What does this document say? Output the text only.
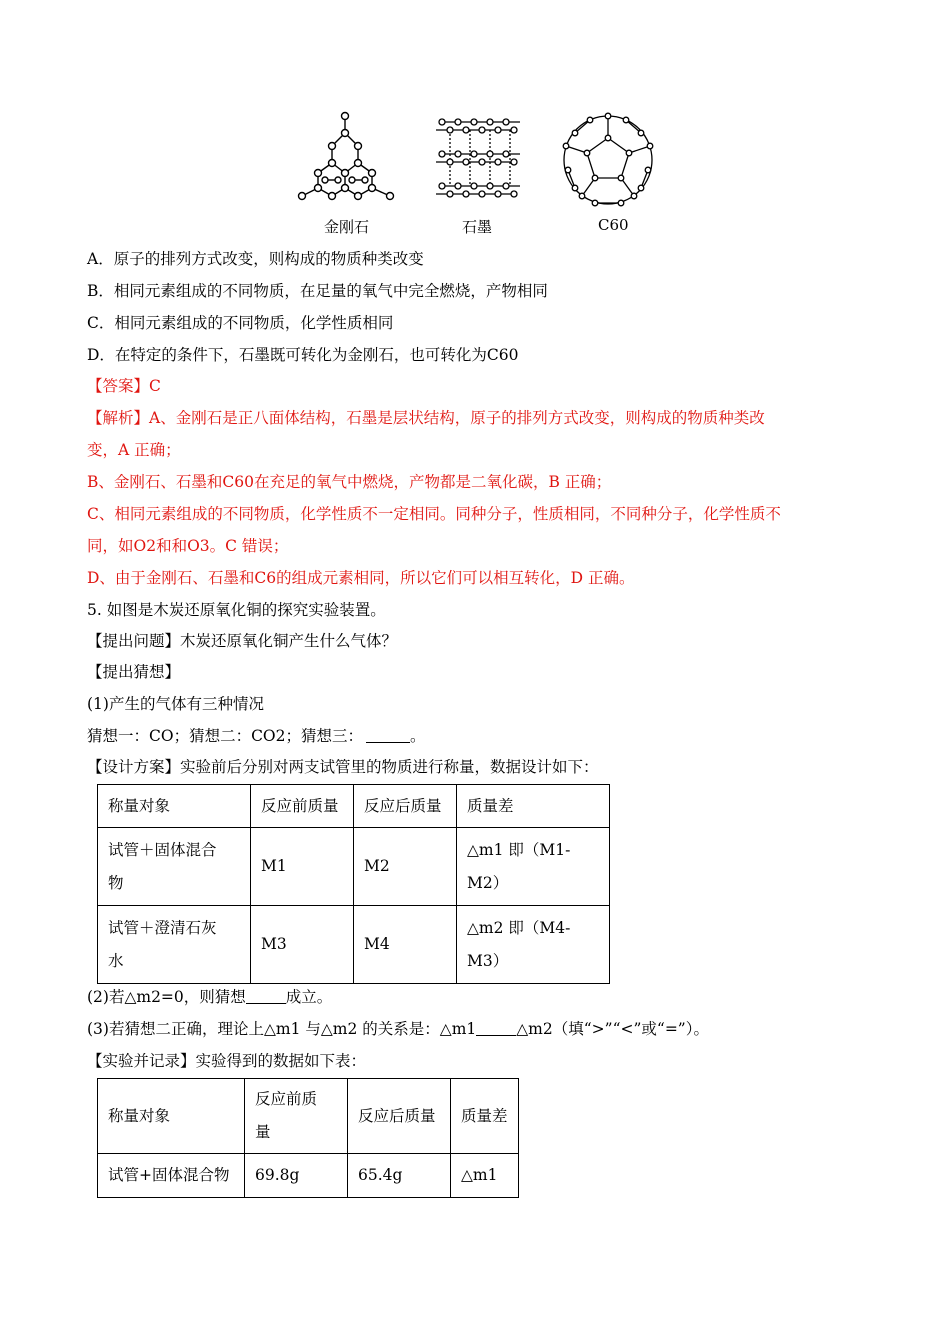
金刚石	石墨	C60
A．原子的排列方式改变，则构成的物质种类改变
B．相同元素组成的不同物质，在足量的氧气中完全燃烧，产物相同
C．相同元素组成的不同物质，化学性质相同
D．在特定的条件下，石墨既可转化为金刚石，也可转化为C60
【答案】C
【解析】A、金刚石是正八面体结构，石墨是层状结构，原子的排列方式改变，则构成的物质种类改
变，A 正确；
B、金刚石、石墨和C60在充足的氧气中燃烧，产物都是二氧化碳，B 正确；
C、相同元素组成的不同物质，化学性质不一定相同。同种分子，性质相同，不同种分子，化学性质不
同，如O2和和O3。C 错误；
D、由于金刚石、石墨和C6的组成元素相同，所以它们可以相互转化，D 正确。
5. 如图是木炭还原氧化铜的探究实验装置。
【提出问题】木炭还原氧化铜产生什么气体？
【提出猜想】
(1)产生的气体有三种情况
猜想一：CO；猜想二：CO2；猜想三：	。
【设计方案】实验前后分别对两支试管里的物质进行称量，数据设计如下：
称量对象	反应前质量	反应后质量	质量差

试管＋固体混合
物	M1	M2	△m1 即（M1-M2）

试管＋澄清石灰
水	M3	M4	△m2 即（M4-M3）
(2)若△m2=0，则猜想	成立。
(3)若猜想二正确，理论上△m1 与△m2 的关系是：△m1	△m2（填“>”“<”或“=”）。
【实验并记录】实验得到的数据如下表：
称量对象	反应前质
量	反应后质量	质量差
试管+固体混合物	69.8g	65.4g	△m1
